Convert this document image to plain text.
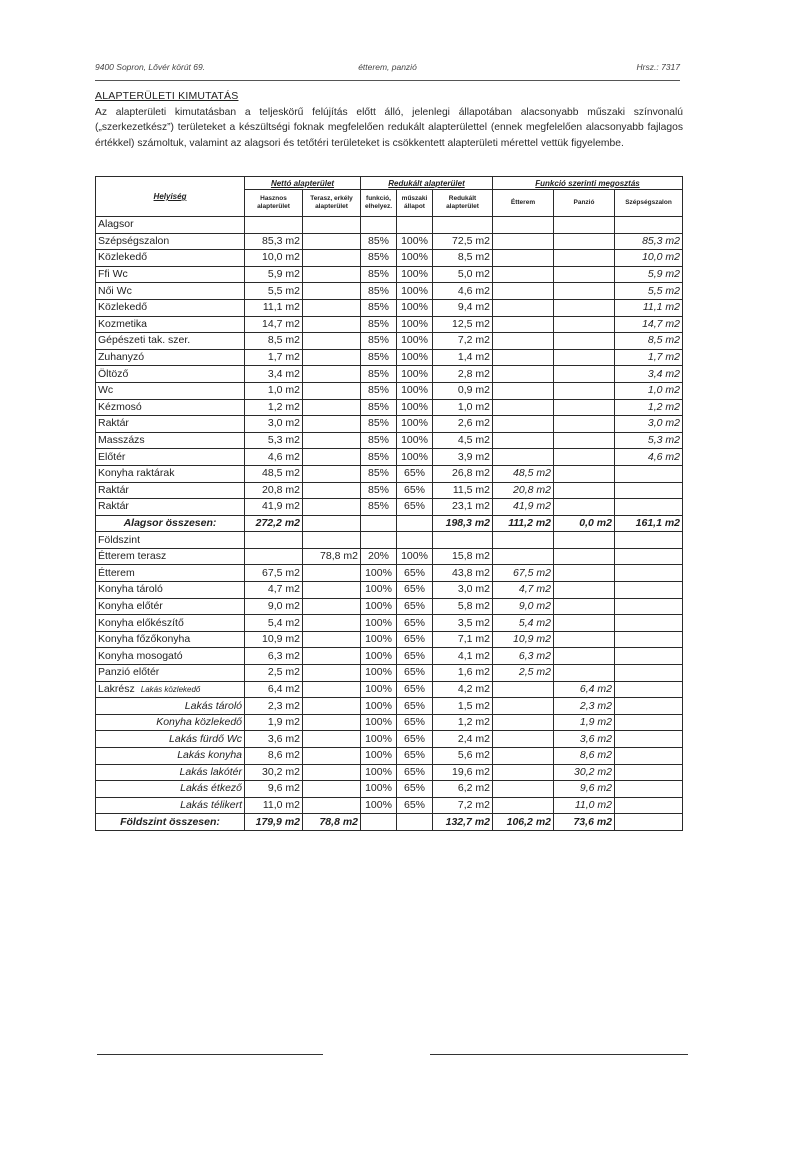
9400 Sopron, Lővér körút 69.	étterem, panzió	Hrsz.: 7317
ALAPTERÜLETI KIMUTATÁS
Az alapterületi kimutatásban a teljeskörű felújítás előtt álló, jelenlegi állapotában alacsonyabb műszaki színvonalú („szerkezetkész”) területeket a készültségi foknak megfelelően redukált alapterülettel (ennek megfelelően alacsonyabb fajlagos értékkel) számoltuk, valamint az alagsori és tetőtéri területeket is csökkentett alapterületi mérettel vettük figyelembe.
Helyiség	Nettó alapterület		Redukált alapterület			Funkció szerinti megosztás		
	Hasznos alapterület	Terasz, erkély alapterület	funkció, elhelyez.	műszaki állapot	Redukált alapterület	Étterem	Panzió	Szépségszalon
Alagsor								
Szépségszalon	85,3 m2		85%	100%	72,5 m2			85,3 m2
Közlekedő	10,0 m2		85%	100%	8,5 m2			10,0 m2
Ffi Wc	5,9 m2		85%	100%	5,0 m2			5,9 m2
Női Wc	5,5 m2		85%	100%	4,6 m2			5,5 m2
Közlekedő	11,1 m2		85%	100%	9,4 m2			11,1 m2
Kozmetika	14,7 m2		85%	100%	12,5 m2			14,7 m2
Gépészeti tak. szer.	8,5 m2		85%	100%	7,2 m2			8,5 m2
Zuhanyzó	1,7 m2		85%	100%	1,4 m2			1,7 m2
Öltöző	3,4 m2		85%	100%	2,8 m2			3,4 m2
Wc	1,0 m2		85%	100%	0,9 m2			1,0 m2
Kézmosó	1,2 m2		85%	100%	1,0 m2			1,2 m2
Raktár	3,0 m2		85%	100%	2,6 m2			3,0 m2
Masszázs	5,3 m2		85%	100%	4,5 m2			5,3 m2
Előtér	4,6 m2		85%	100%	3,9 m2			4,6 m2
Konyha raktárak	48,5 m2		85%	65%	26,8 m2	48,5 m2		
Raktár	20,8 m2		85%	65%	11,5 m2	20,8 m2		
Raktár	41,9 m2		85%	65%	23,1 m2	41,9 m2		
Alagsor összesen:	272,2 m2				198,3 m2	111,2 m2	0,0 m2	161,1 m2
Földszint								
Étterem terasz		78,8 m2	20%	100%	15,8 m2			
Étterem	67,5 m2		100%	65%	43,8 m2	67,5 m2		
Konyha tároló	4,7 m2		100%	65%	3,0 m2	4,7 m2		
Konyha előtér	9,0 m2		100%	65%	5,8 m2	9,0 m2		
Konyha előkészítő	5,4 m2		100%	65%	3,5 m2	5,4 m2		
Konyha főzőkonyha	10,9 m2		100%	65%	7,1 m2	10,9 m2		
Konyha mosogató	6,3 m2		100%	65%	4,1 m2	6,3 m2		
Panzió előtér	2,5 m2		100%	65%	1,6 m2	2,5 m2		
Lakrész Lakás közlekedő	6,4 m2		100%	65%	4,2 m2		6,4 m2	
Lakás tároló	2,3 m2		100%	65%	1,5 m2		2,3 m2	
Konyha közlekedő	1,9 m2		100%	65%	1,2 m2		1,9 m2	
Lakás fürdő Wc	3,6 m2		100%	65%	2,4 m2		3,6 m2	
Lakás konyha	8,6 m2		100%	65%	5,6 m2		8,6 m2	
Lakás lakótér	30,2 m2		100%	65%	19,6 m2		30,2 m2	
Lakás étkező	9,6 m2		100%	65%	6,2 m2		9,6 m2	
Lakás télikert	11,0 m2		100%	65%	7,2 m2		11,0 m2	
Földszint összesen:	179,9 m2	78,8 m2			132,7 m2	106,2 m2	73,6 m2	
